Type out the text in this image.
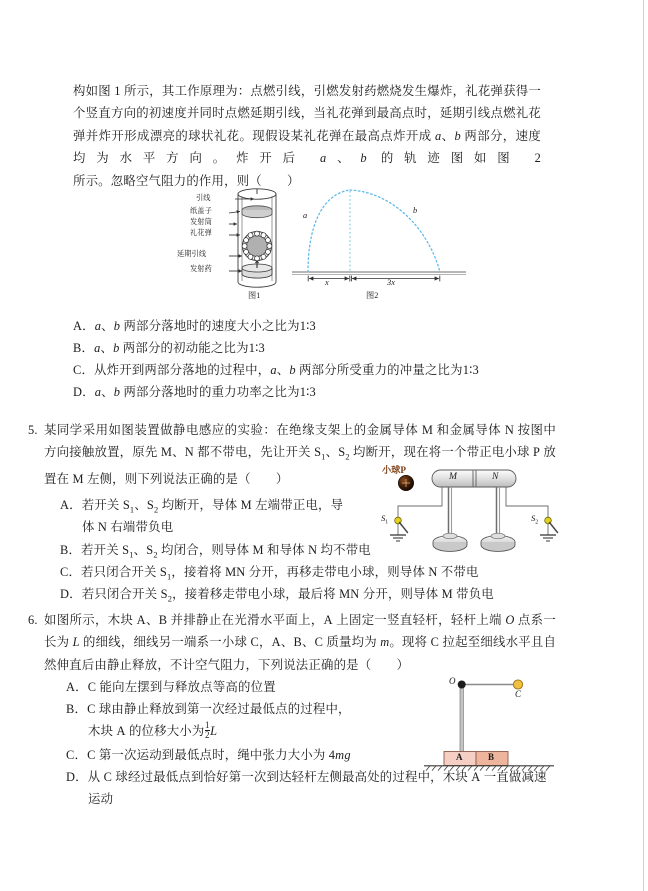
构如图 1 所示，其工作原理为：点燃引线，引燃发射药燃烧发生爆炸，礼花弹获得一个竖直方向的初速度并同时点燃延期引线，当礼花弹到最高点时，延期引线点燃礼花弹并炸开形成漂亮的球状礼花。现假设某礼花弹在最高点炸开成 a、b 两部分，速度均为水平方向。炸开后 a、b 的轨迹图如图 2 所示。忽略空气阻力的作用，则（　　）
引线
纸盖子
发射筒
礼花弹
延期引线
发射药
图1
a
b
x	3x
图2
A．a、b 两部分落地时的速度大小之比为1∶3
B．a、b 两部分的初动能之比为1∶3
C．从炸开到两部分落地的过程中，a、b 两部分所受重力的冲量之比为1∶3
D．a、b 两部分落地时的重力功率之比为1∶3
5. 某同学采用如图装置做静电感应的实验：在绝缘支架上的金属导体 M 和金属导体 N 按图中方向接触放置，原先 M、N 都不带电，先让开关 $S_1$、$S_2$ 均断开，现在将一个带正电小球 P 放置在 M 左侧，则下列说法正确的是（　　）
小球P
M	N
$S_1$	$S_2$
A．若开关 $S_1$、$S_2$ 均断开，导体 M 左端带正电，导
体 N 右端带负电
B．若开关 $S_1$、$S_2$ 均闭合，则导体 M 和导体 N 均不带电
C．若只闭合开关 $S_1$，接着将 MN 分开，再移走带电小球，则导体 N 不带电
D．若只闭合开关 $S_2$，接着移走带电小球，最后将 MN 分开，则导体 M 带负电
6. 如图所示，木块 A、B 并排静止在光滑水平面上，A 上固定一竖直轻杆，轻杆上端 O 点系一长为 L 的细线，细线另一端系一小球 C，A、B、C 质量均为 m。现将 C 拉起至细线水平且自然伸直后由静止释放，不计空气阻力，下列说法正确的是（　　）
O
C
A	B
A．C 能向左摆到与释放点等高的位置
B．C 球由静止释放到第一次经过最低点的过程中，
木块 A 的位移大小为 $\frac{1}{2}$ L
C．C 第一次运动到最低点时，绳中张力大小为 4mg
D．从 C 球经过最低点到恰好第一次到达轻杆左侧最高处的过程中，木块 A 一直做减速
运动
